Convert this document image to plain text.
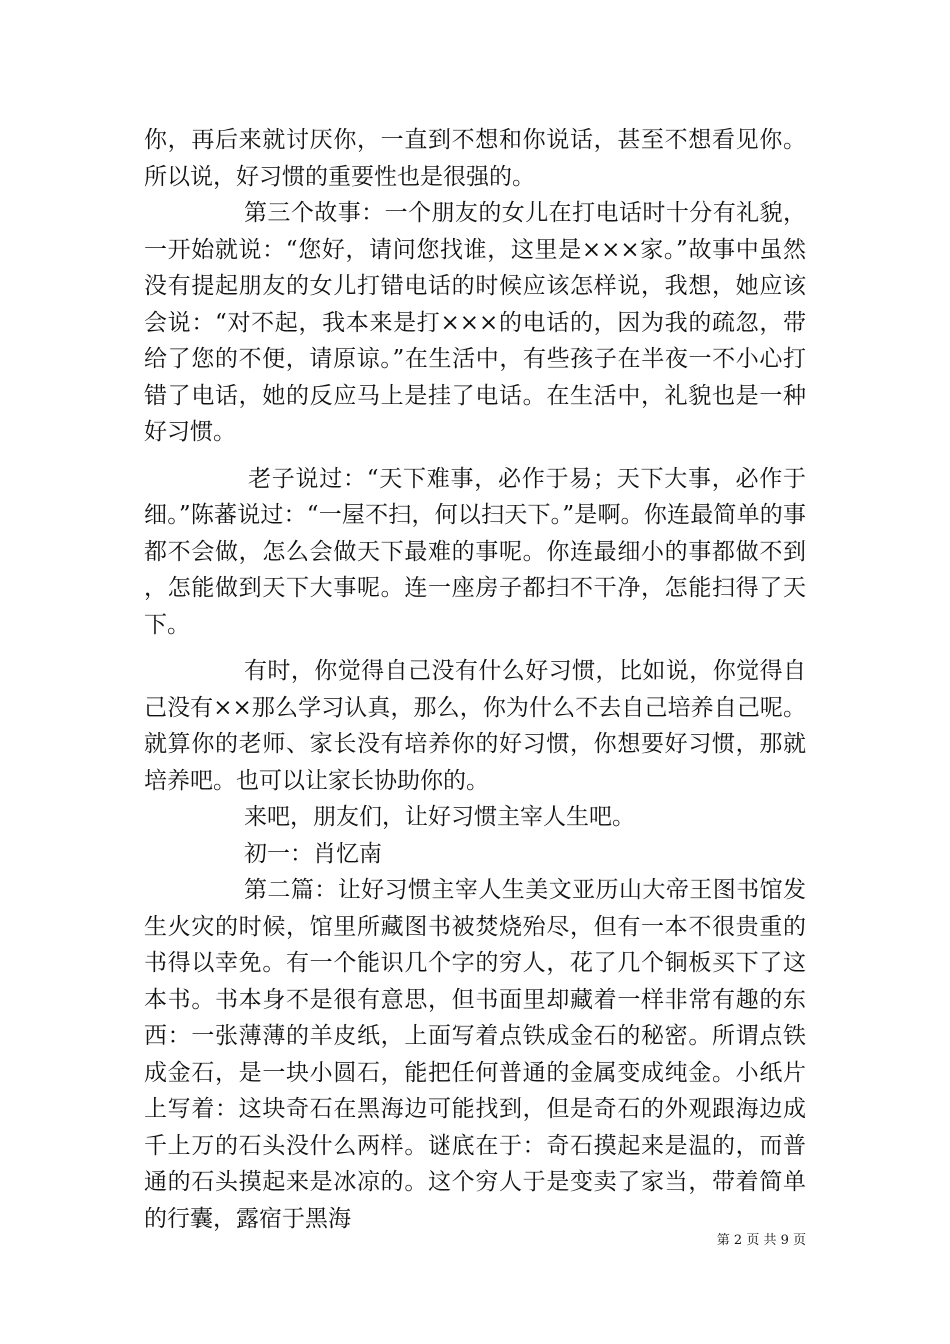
你，再后来就讨厌你，一直到不想和你说话，甚至不想看见你。所以说，好习惯的重要性也是很强的。

第三个故事：一个朋友的女儿在打电话时十分有礼貌，一开始就说：“您好，请问您找谁，这里是×××家。”故事中虽然没有提起朋友的女儿打错电话的时候应该怎样说，我想，她应该会说：“对不起，我本来是打×××的电话的，因为我的疏忽，带给了您的不便，请原谅。”在生活中，有些孩子在半夜一不小心打错了电话，她的反应马上是挂了电话。在生活中，礼貌也是一种好习惯。

老子说过：“天下难事，必作于易；天下大事，必作于细。”陈蕃说过：“一屋不扫，何以扫天下。”是啊。你连最简单的事都不会做，怎么会做天下最难的事呢。你连最细小的事都做不到，怎能做到天下大事呢。连一座房子都扫不干净，怎能扫得了天下。

有时，你觉得自己没有什么好习惯，比如说，你觉得自己没有××那么学习认真，那么，你为什么不去自己培养自己呢。就算你的老师、家长没有培养你的好习惯，你想要好习惯，那就培养吧。也可以让家长协助你的。

来吧，朋友们，让好习惯主宰人生吧。

初一：肖忆南

第二篇：让好习惯主宰人生美文亚历山大帝王图书馆发生火灾的时候，馆里所藏图书被焚烧殆尽，但有一本不很贵重的书得以幸免。有一个能识几个字的穷人，花了几个铜板买下了这本书。书本身不是很有意思，但书面里却藏着一样非常有趣的东西：一张薄薄的羊皮纸，上面写着点铁成金石的秘密。所谓点铁成金石，是一块小圆石，能把任何普通的金属变成纯金。小纸片上写着：这块奇石在黑海边可能找到，但是奇石的外观跟海边成千上万的石头没什么两样。谜底在于：奇石摸起来是温的，而普通的石头摸起来是冰凉的。这个穷人于是变卖了家当，带着简单的行囊，露宿于黑海

第 2 页 共 9 页
